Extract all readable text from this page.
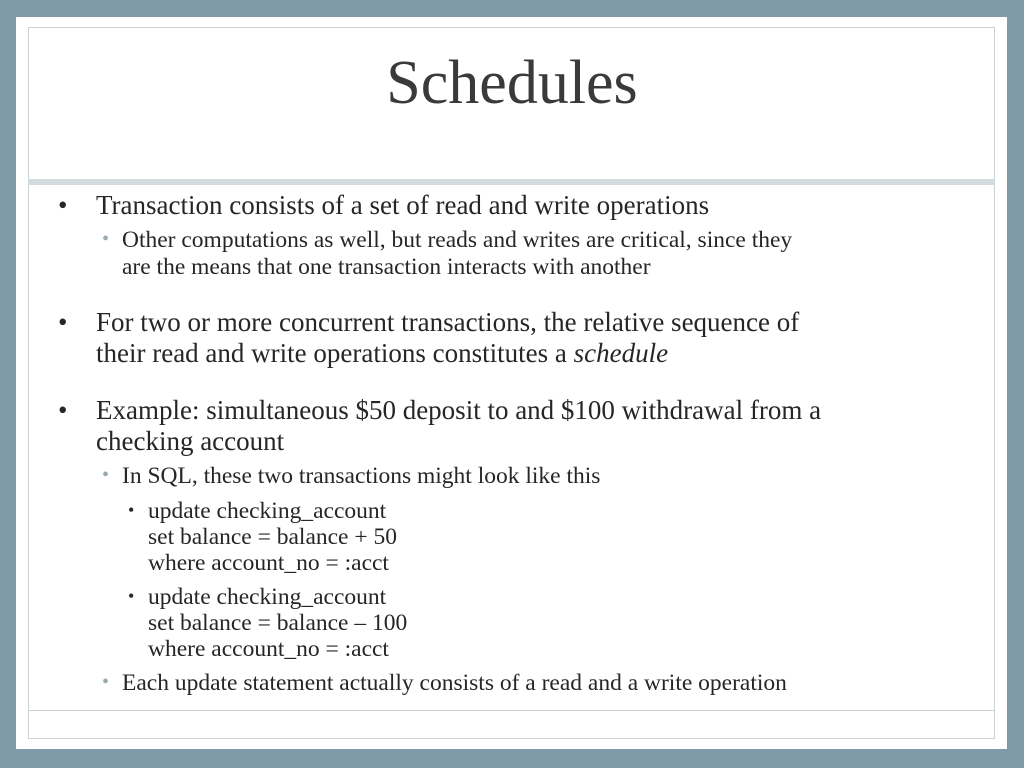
Schedules
• Transaction consists of a set of read and write operations
• Other computations as well, but reads and writes are critical, since they
are the means that one transaction interacts with another
• For two or more concurrent transactions, the relative sequence of
their read and write operations constitutes a schedule
• Example: simultaneous $50 deposit to and $100 withdrawal from a
checking account
• In SQL, these two transactions might look like this
• update checking_account
set balance = balance + 50
where account_no = :acct
• update checking_account
set balance = balance – 100
where account_no = :acct
• Each update statement actually consists of a read and a write operation
